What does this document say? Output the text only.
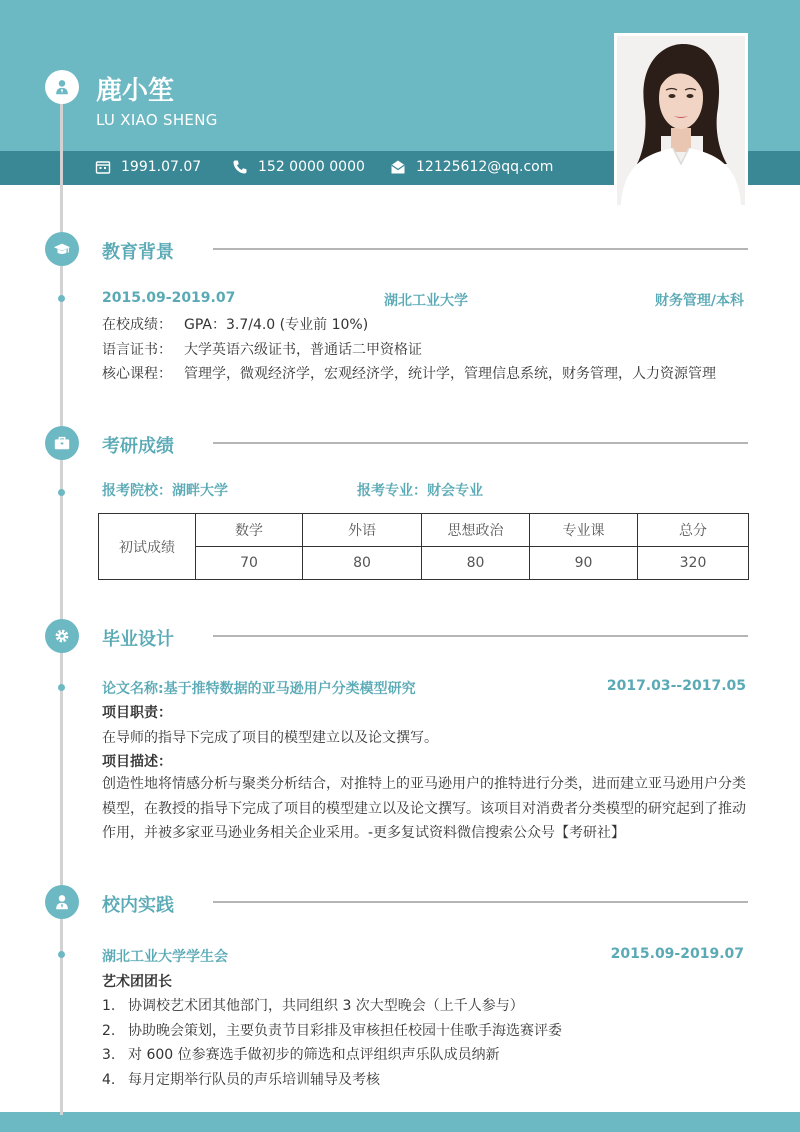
鹿小笙
LU XIAO SHENG
1991.07.07	152 0000 0000	12125612@qq.com
教育背景
2015.09-2019.07	湖北工业大学	财务管理/本科
在校成绩： GPA：3.7/4.0 (专业前 10%)
语言证书： 大学英语六级证书，普通话二甲资格证
核心课程： 管理学，微观经济学，宏观经济学，统计学，管理信息系统，财务管理，人力资源管理
考研成绩
报考院校：湖畔大学	报考专业：财会专业
初试成绩	数学	外语	思想政治	专业课	总分
	70	80	80	90	320
毕业设计
论文名称:基于推特数据的亚马逊用户分类模型研究	2017.03--2017.05
项目职责：
在导师的指导下完成了项目的模型建立以及论文撰写。
项目描述：
创造性地将情感分析与聚类分析结合，对推特上的亚马逊用户的推特进行分类，进而建立亚马逊用户分类模型，在教授的指导下完成了项目的模型建立以及论文撰写。该项目对消费者分类模型的研究起到了推动作用，并被多家亚马逊业务相关企业采用。-更多复试资料微信搜索公众号【考研社】
校内实践
湖北工业大学学生会	2015.09-2019.07
艺术团团长
1. 协调校艺术团其他部门，共同组织 3 次大型晚会（上千人参与）
2. 协助晚会策划，主要负责节目彩排及审核担任校园十佳歌手海选赛评委
3. 对 600 位参赛选手做初步的筛选和点评组织声乐队成员纳新
4. 每月定期举行队员的声乐培训辅导及考核
